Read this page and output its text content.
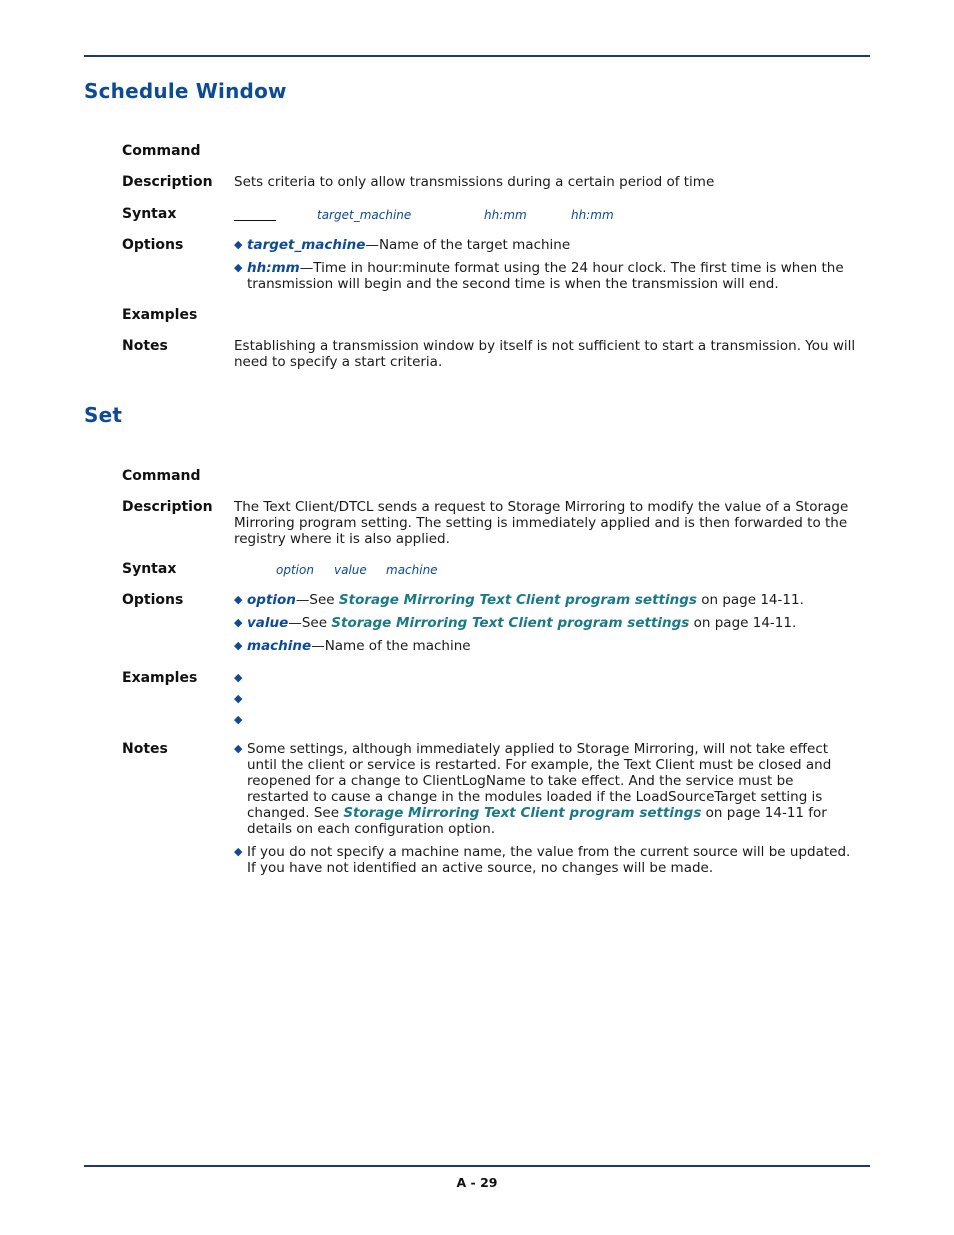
Schedule Window
Command
Description	Sets criteria to only allow transmissions during a certain period of time
Syntax	target_machine	hh:mm	hh:mm
Options	◆ target_machine—Name of the target machine
◆ hh:mm—Time in hour:minute format using the 24 hour clock. The first time is when the transmission will begin and the second time is when the transmission will end.
Examples
Notes	Establishing a transmission window by itself is not sufficient to start a transmission. You will need to specify a start criteria.
Set
Command
Description	The Text Client/DTCL sends a request to Storage Mirroring to modify the value of a Storage Mirroring program setting. The setting is immediately applied and is then forwarded to the registry where it is also applied.
Syntax	option value machine
Options	◆ option—See Storage Mirroring Text Client program settings on page 14-11.
◆ value—See Storage Mirroring Text Client program settings on page 14-11.
◆ machine—Name of the machine
Examples	◆
◆
◆
Notes	◆ Some settings, although immediately applied to Storage Mirroring, will not take effect until the client or service is restarted. For example, the Text Client must be closed and reopened for a change to ClientLogName to take effect. And the service must be restarted to cause a change in the modules loaded if the LoadSourceTarget setting is changed. See Storage Mirroring Text Client program settings on page 14-11 for details on each configuration option.
◆ If you do not specify a machine name, the value from the current source will be updated. If you have not identified an active source, no changes will be made.
A - 29
